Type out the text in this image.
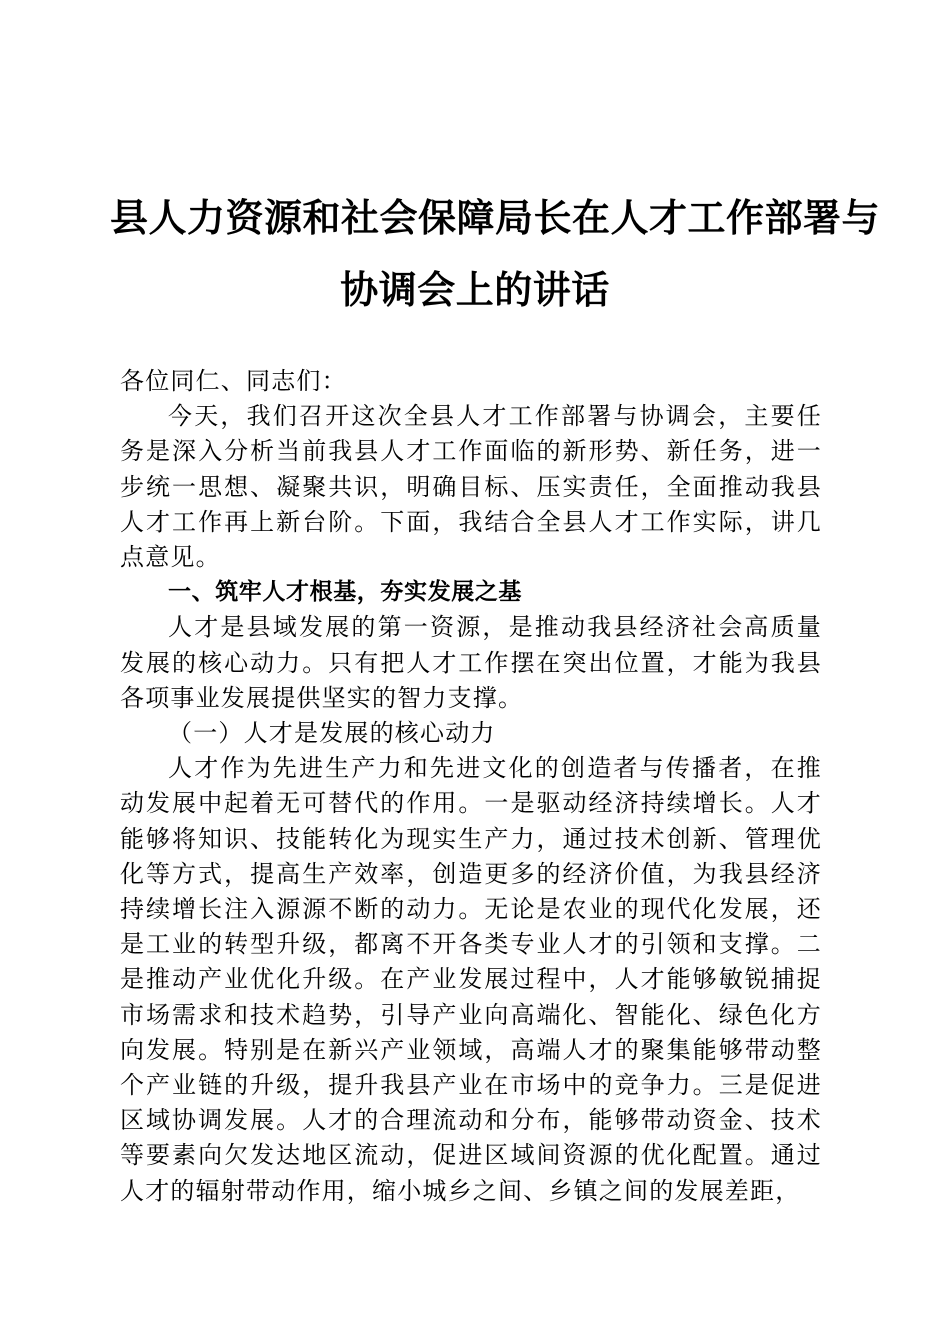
县人力资源和社会保障局长在人才工作部署与
协调会上的讲话

各位同仁、同志们：

今天，我们召开这次全县人才工作部署与协调会，主要任务是深入分析当前我县人才工作面临的新形势、新任务，进一步统一思想、凝聚共识，明确目标、压实责任，全面推动我县人才工作再上新台阶。下面，我结合全县人才工作实际，讲几点意见。

一、筑牢人才根基，夯实发展之基

人才是县域发展的第一资源，是推动我县经济社会高质量发展的核心动力。只有把人才工作摆在突出位置，才能为我县各项事业发展提供坚实的智力支撑。

（一）人才是发展的核心动力

人才作为先进生产力和先进文化的创造者与传播者，在推动发展中起着无可替代的作用。一是驱动经济持续增长。人才能够将知识、技能转化为现实生产力，通过技术创新、管理优化等方式，提高生产效率，创造更多的经济价值，为我县经济持续增长注入源源不断的动力。无论是农业的现代化发展，还是工业的转型升级，都离不开各类专业人才的引领和支撑。二是推动产业优化升级。在产业发展过程中，人才能够敏锐捕捉市场需求和技术趋势，引导产业向高端化、智能化、绿色化方向发展。特别是在新兴产业领域，高端人才的聚集能够带动整个产业链的升级，提升我县产业在市场中的竞争力。三是促进区域协调发展。人才的合理流动和分布，能够带动资金、技术等要素向欠发达地区流动，促进区域间资源的优化配置。通过人才的辐射带动作用，缩小城乡之间、乡镇之间的发展差距，
